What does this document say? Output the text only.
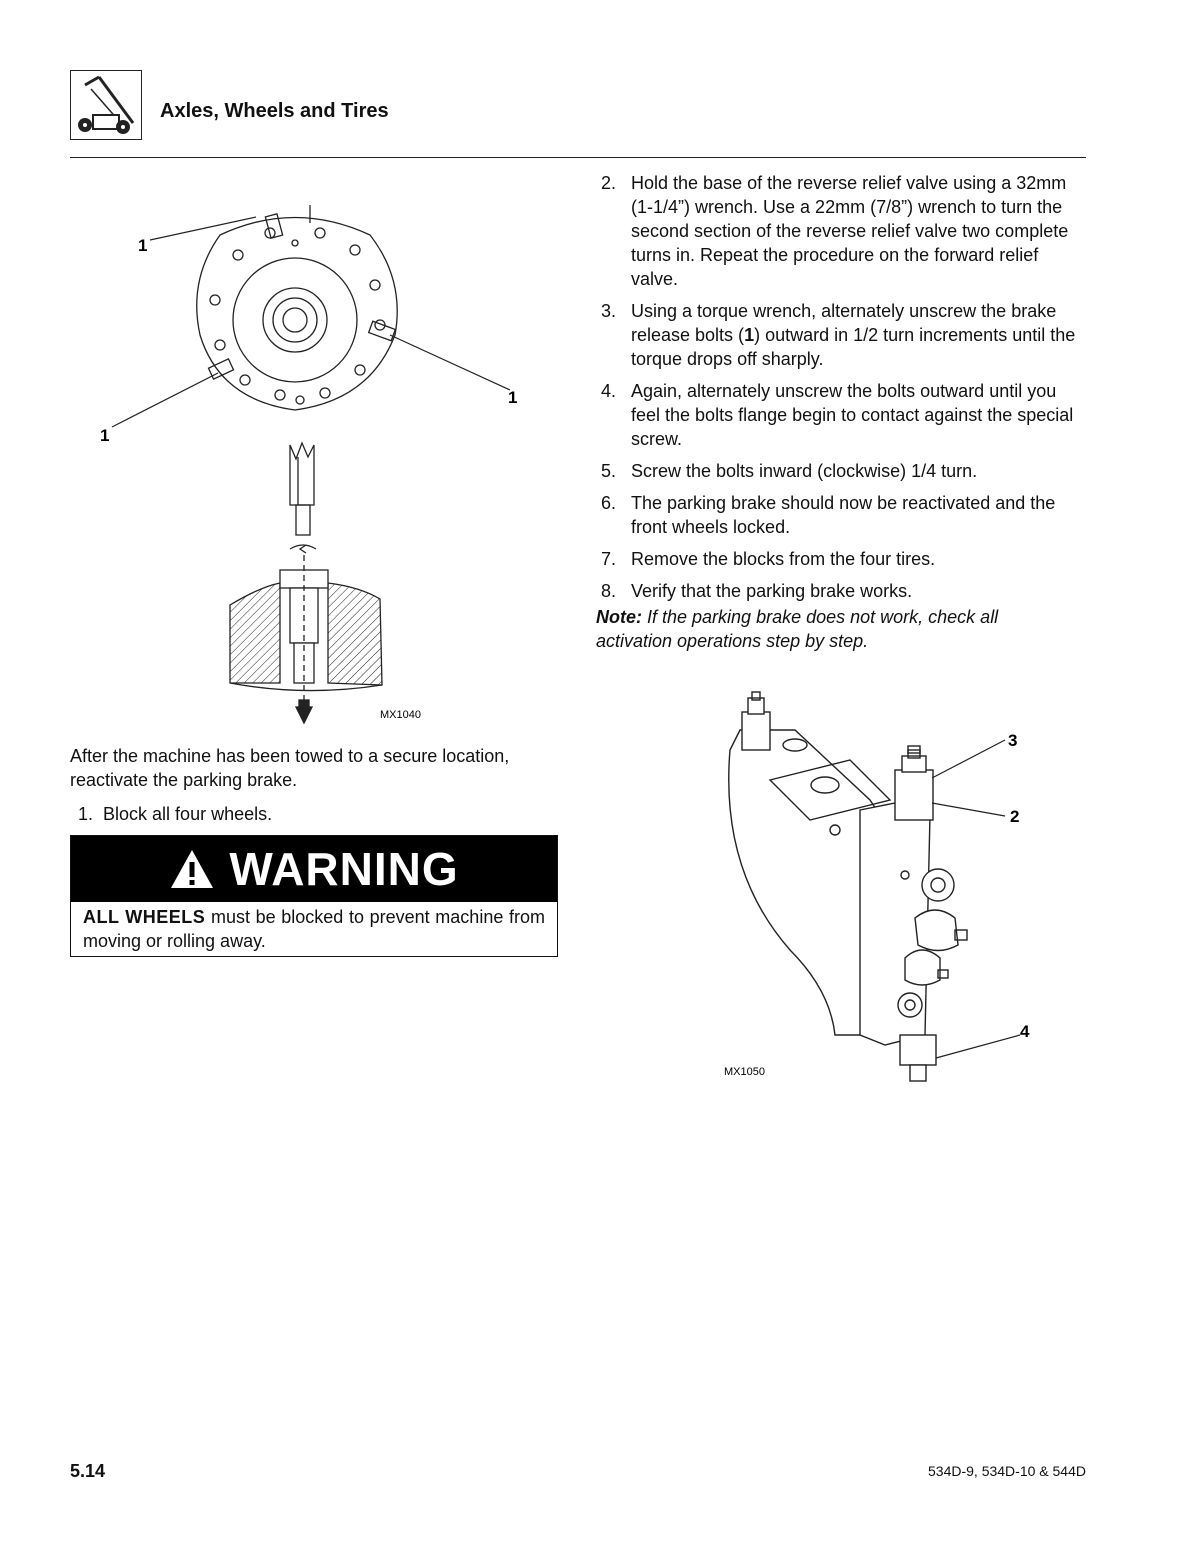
Axles, Wheels and Tires
1
1
1
MX1040
After the machine has been towed to a secure location, reactivate the parking brake.
1. Block all four wheels.
WARNING
ALL WHEELS must be blocked to prevent machine from moving or rolling away.
2. Hold the base of the reverse relief valve using a 32mm (1-1/4”) wrench. Use a 22mm (7/8”) wrench to turn the second section of the reverse relief valve two complete turns in. Repeat the procedure on the forward relief valve.
3. Using a torque wrench, alternately unscrew the brake release bolts (1) outward in 1/2 turn increments until the torque drops off sharply.
4. Again, alternately unscrew the bolts outward until you feel the bolts flange begin to contact against the special screw.
5. Screw the bolts inward (clockwise) 1/4 turn.
6. The parking brake should now be reactivated and the front wheels locked.
7. Remove the blocks from the four tires.
8. Verify that the parking brake works.
Note: If the parking brake does not work, check all activation operations step by step.
3
2
4
MX1050
5.14	534D-9, 534D-10 & 544D
